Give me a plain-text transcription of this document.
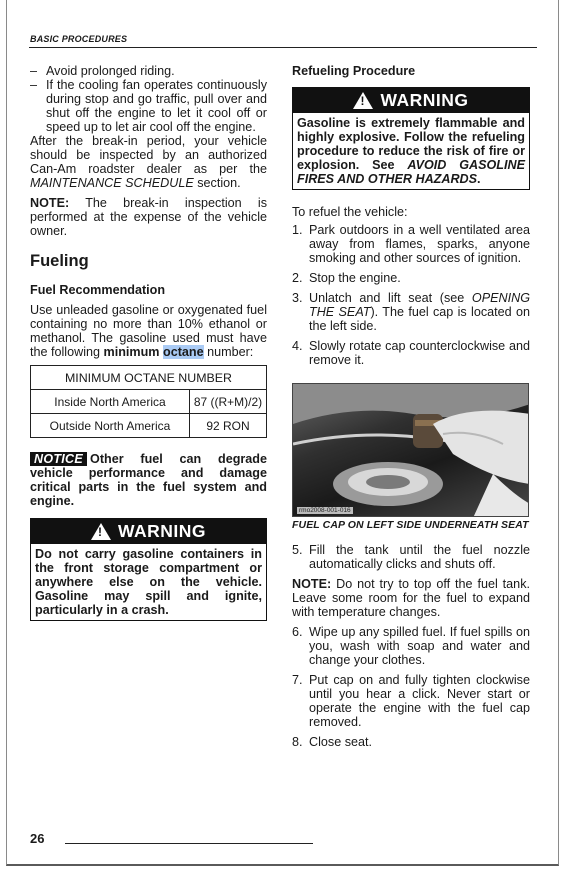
BASIC PROCEDURES
– Avoid prolonged riding.
– If the cooling fan operates continuously during stop and go traffic, pull over and shut off the engine to let it cool off or speed up to let air cool off the engine.

After the break-in period, your vehicle should be inspected by an authorized Can-Am roadster dealer as per the MAINTENANCE SCHEDULE section.

NOTE: The break-in inspection is performed at the expense of the vehicle owner.

Fueling
Fuel Recommendation

Use unleaded gasoline or oxygenated fuel containing no more than 10% ethanol or methanol. The gasoline used must have the following minimum octane number:

MINIMUM OCTANE NUMBER	
Inside North America	87 ((R+M)/2)
Outside North America	92 RON

NOTICE Other fuel can degrade vehicle performance and damage critical parts in the fuel system and engine.

!
WARNING
Do not carry gasoline containers in the front storage compartment or anywhere else on the vehicle. Gasoline may spill and ignite, particularly in a crash.
Refueling Procedure
!
WARNING
Gasoline is extremely flammable and highly explosive. Follow the refueling procedure to reduce the risk of fire or explosion. See AVOID GASOLINE FIRES AND OTHER HAZARDS.

To refuel the vehicle:

1. Park outdoors in a well ventilated area away from flames, sparks, anyone smoking and other sources of ignition.
2. Stop the engine.
3. Unlatch and lift seat (see OPENING THE SEAT). The fuel cap is located on the left side.
4. Slowly rotate cap counterclockwise and remove it.
rmo2008-001-016

FUEL CAP ON LEFT SIDE UNDERNEATH SEAT

5. Fill the tank until the fuel nozzle automatically clicks and shuts off.

NOTE: Do not try to top off the fuel tank. Leave some room for the fuel to expand with temperature changes.

6. Wipe up any spilled fuel. If fuel spills on you, wash with soap and water and change your clothes.
7. Put cap on and fully tighten clockwise until you hear a click. Never start or operate the engine with the fuel cap removed.
8. Close seat.
26
